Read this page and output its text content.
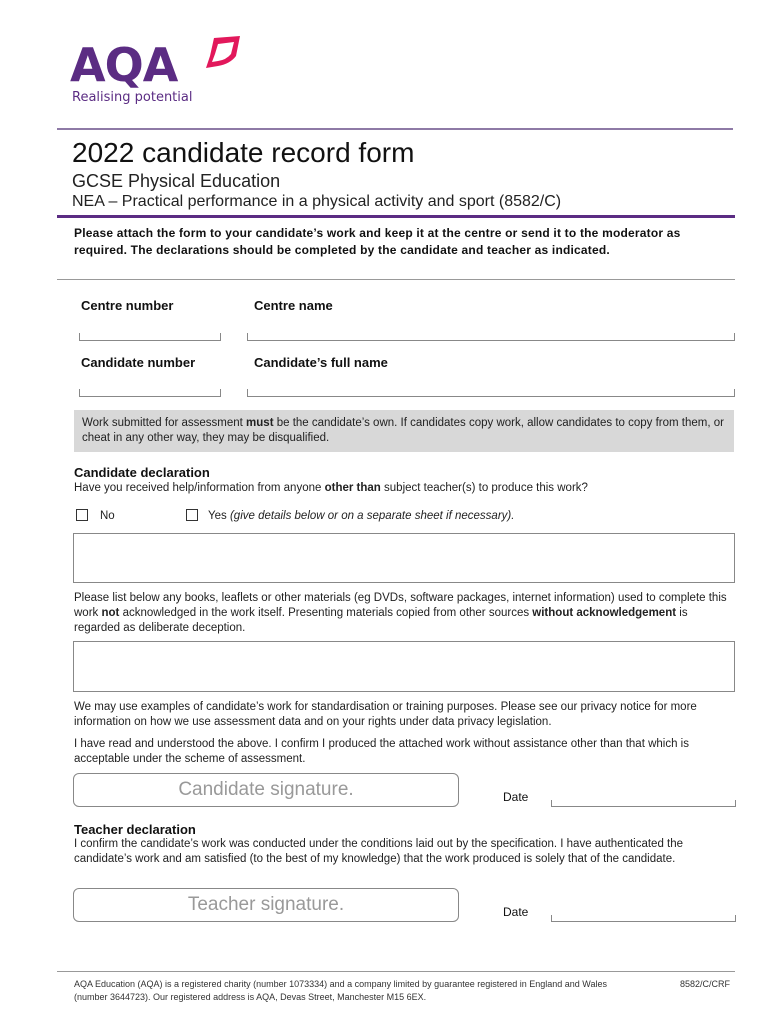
AQA
Realising potential
2022 candidate record form
GCSE Physical Education
NEA – Practical performance in a physical activity and sport (8582/C)
Please attach the form to your candidate’s work and keep it at the centre or send it to the moderator as required. The declarations should be completed by the candidate and teacher as indicated.
Centre number	Centre name
Candidate number	Candidate’s full name
Work submitted for assessment must be the candidate’s own. If candidates copy work, allow candidates to copy from them, or cheat in any other way, they may be disqualified.
Candidate declaration
Have you received help/information from anyone other than subject teacher(s) to produce this work?
No	Yes (give details below or on a separate sheet if necessary).
Please list below any books, leaflets or other materials (eg DVDs, software packages, internet information) used to complete this work not acknowledged in the work itself. Presenting materials copied from other sources without acknowledgement is regarded as deliberate deception.
We may use examples of candidate’s work for standardisation or training purposes. Please see our privacy notice for more information on how we use assessment data and on your rights under data privacy legislation.
I have read and understood the above. I confirm I produced the attached work without assistance other than that which is acceptable under the scheme of assessment.
Candidate signature.	Date
Teacher declaration
I confirm the candidate’s work was conducted under the conditions laid out by the specification. I have authenticated the candidate’s work and am satisfied (to the best of my knowledge) that the work produced is solely that of the candidate.
Teacher signature.	Date
AQA Education (AQA) is a registered charity (number 1073334) and a company limited by guarantee registered in England and Wales (number 3644723). Our registered address is AQA, Devas Street, Manchester M15 6EX.
8582/C/CRF
